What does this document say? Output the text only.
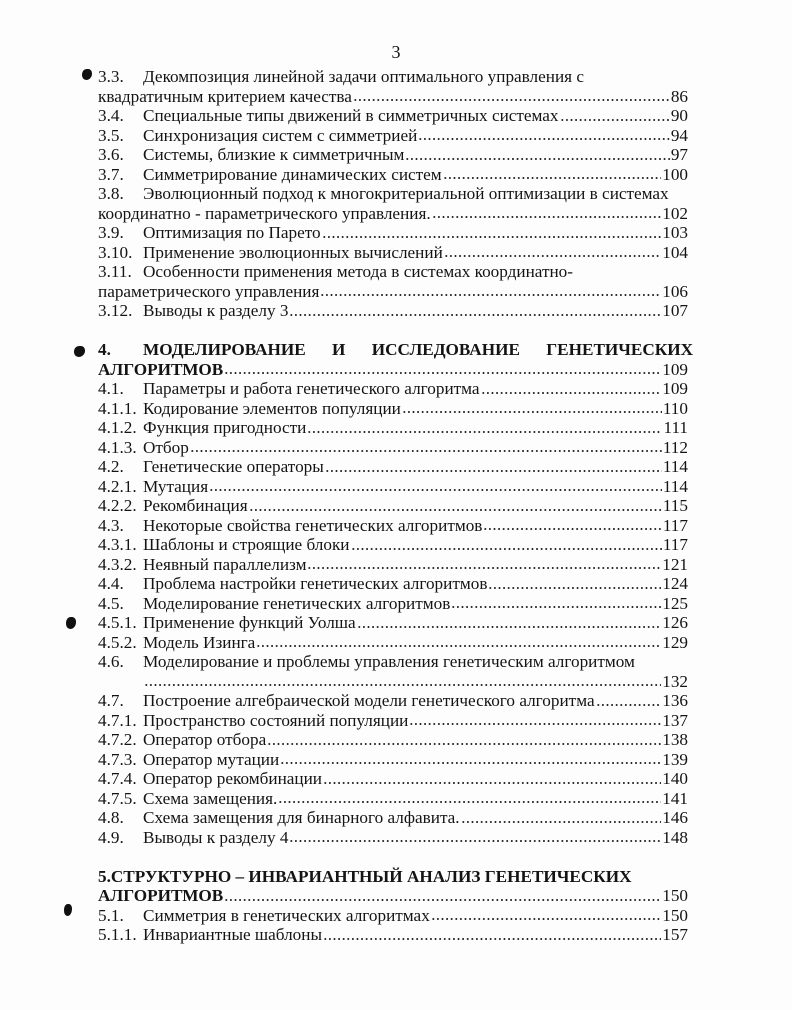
3
3.3.	Декомпозиция линейной задачи оптимального управления с
квадратичным критерием качества	86
3.4.	Специальные типы движений в симметричных системах	90
3.5.	Синхронизация систем с симметрией	94
3.6.	Системы, близкие к симметричным	97
3.7.	Симметрирование динамических систем	100
3.8.	Эволюционный подход к многокритериальной оптимизации в системах
координатно - параметрического управления.	102
3.9.	Оптимизация по Парето	103
3.10. Применение эволюционных вычислений	104
3.11. Особенности применения метода в системах координатно-
параметрического управления	106
3.12. Выводы к разделу 3	107
4.	МОДЕЛИРОВАНИЕ И ИССЛЕДОВАНИЕ ГЕНЕТИЧЕСКИХ
АЛГОРИТМОВ	109
4.1.	Параметры и работа генетического алгоритма	109
4.1.1. Кодирование элементов популяции	110
4.1.2. Функция пригодности	111
4.1.3. Отбор	112
4.2.	Генетические операторы	114
4.2.1. Мутация	114
4.2.2. Рекомбинация	115
4.3.	Некоторые свойства генетических алгоритмов	117
4.3.1. Шаблоны и строящие блоки	117
4.3.2. Неявный параллелизм	121
4.4.	Проблема настройки генетических алгоритмов	124
4.5.	Моделирование генетических алгоритмов	125
4.5.1. Применение функций Уолша	126
4.5.2. Модель Изинга	129
4.6.	Моделирование и проблемы управления генетическим алгоритмом
132
4.7.	Построение алгебраической модели генетического алгоритма	136
4.7.1. Пространство состояний популяции	137
4.7.2. Оператор отбора	138
4.7.3. Оператор мутации	139
4.7.4. Оператор рекомбинации	140
4.7.5. Схема замещения.	141
4.8.	Схема замещения для бинарного алфавита.	146
4.9.	Выводы к разделу 4	148
5. СТРУКТУРНО – ИНВАРИАНТНЫЙ АНАЛИЗ ГЕНЕТИЧЕСКИХ
АЛГОРИТМОВ	150
5.1.	Симметрия в генетических алгоритмах	150
5.1.1. Инвариантные шаблоны	157
